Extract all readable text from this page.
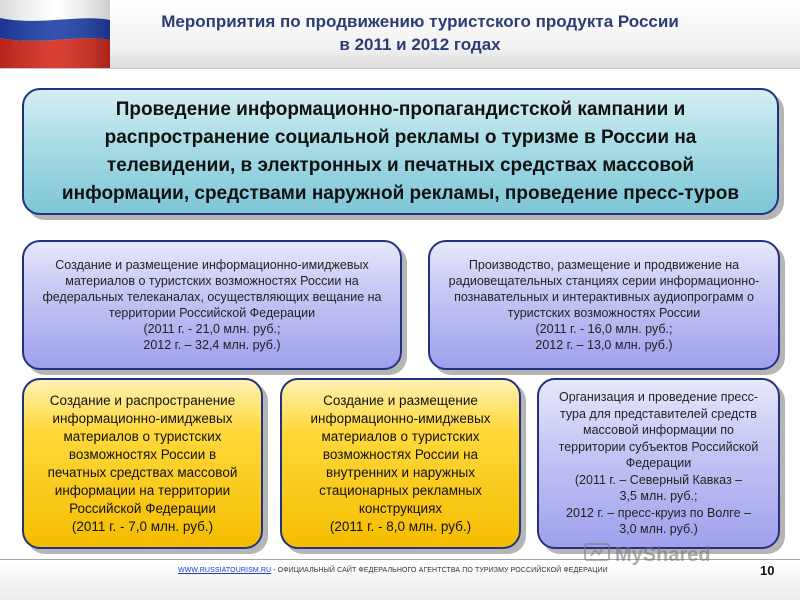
Мероприятия по продвижению туристского продукта России
в 2011 и 2012 годах
Проведение информационно-пропагандистской кампании и
распространение социальной рекламы о туризме в России на
телевидении, в электронных и печатных средствах массовой
информации, средствами наружной рекламы, проведение пресс-туров
Создание и размещение информационно-имиджевых
материалов о туристских возможностях России на
федеральных телеканалах, осуществляющих вещание на
территории Российской Федерации
(2011 г. - 21,0 млн. руб.;
2012 г. – 32,4 млн. руб.)
Производство, размещение и продвижение на
радиовещательных станциях серии информационно-
познавательных и интерактивных аудиопрограмм о
туристских возможностях России
(2011 г. - 16,0 млн. руб.;
2012 г. – 13,0 млн. руб.)
Создание и распространение
информационно-имиджевых
материалов о туристских
возможностях России в
печатных средствах массовой
информации на территории
Российской Федерации
(2011 г. - 7,0 млн. руб.)
Создание и размещение
информационно-имиджевых
материалов о туристских
возможностях России на
внутренних и наружных
стационарных рекламных
конструкциях
(2011 г. - 8,0 млн. руб.)
Организация и проведение пресс-
тура для представителей средств
массовой информации по
территории субъектов Российской
Федерации
(2011 г. – Северный Кавказ –
3,5 млн. руб.;
2012 г. – пресс-круиз по Волге –
3,0 млн. руб.)
WWW.RUSSIATOURISM.RU - ОФИЦИАЛЬНЫЙ САЙТ ФЕДЕРАЛЬНОГО АГЕНТСТВА ПО ТУРИЗМУ РОССИЙСКОЙ ФЕДЕРАЦИИ	10
MyShared
